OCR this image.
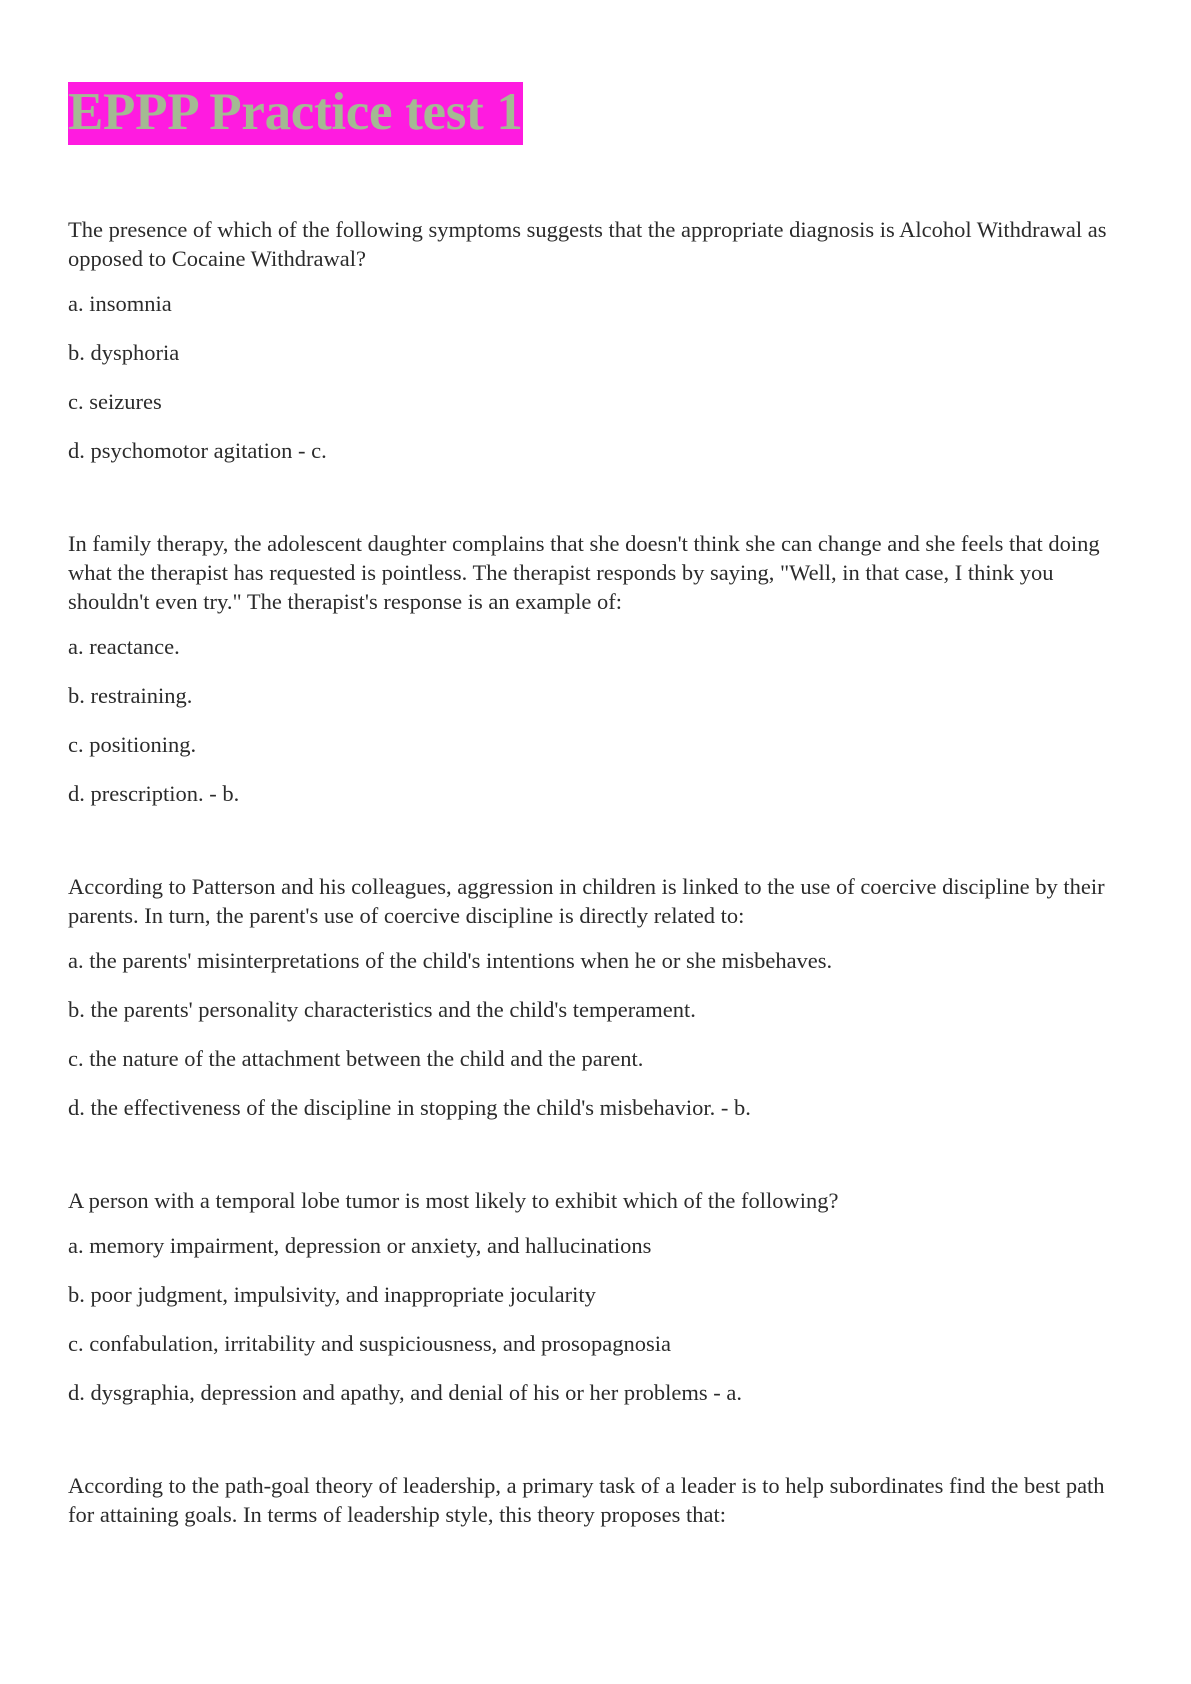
EPPP Practice test 1

The presence of which of the following symptoms suggests that the appropriate diagnosis is Alcohol Withdrawal as opposed to Cocaine Withdrawal?

a. insomnia

b. dysphoria

c. seizures

d. psychomotor agitation - c.

In family therapy, the adolescent daughter complains that she doesn't think she can change and she feels that doing what the therapist has requested is pointless. The therapist responds by saying, "Well, in that case, I think you shouldn't even try." The therapist's response is an example of:

a. reactance.

b. restraining.

c. positioning.

d. prescription. - b.

According to Patterson and his colleagues, aggression in children is linked to the use of coercive discipline by their parents. In turn, the parent's use of coercive discipline is directly related to:

a. the parents' misinterpretations of the child's intentions when he or she misbehaves.

b. the parents' personality characteristics and the child's temperament.

c. the nature of the attachment between the child and the parent.

d. the effectiveness of the discipline in stopping the child's misbehavior. - b.

A person with a temporal lobe tumor is most likely to exhibit which of the following?

a. memory impairment, depression or anxiety, and hallucinations

b. poor judgment, impulsivity, and inappropriate jocularity

c. confabulation, irritability and suspiciousness, and prosopagnosia

d. dysgraphia, depression and apathy, and denial of his or her problems - a.

According to the path-goal theory of leadership, a primary task of a leader is to help subordinates find the best path for attaining goals. In terms of leadership style, this theory proposes that:
